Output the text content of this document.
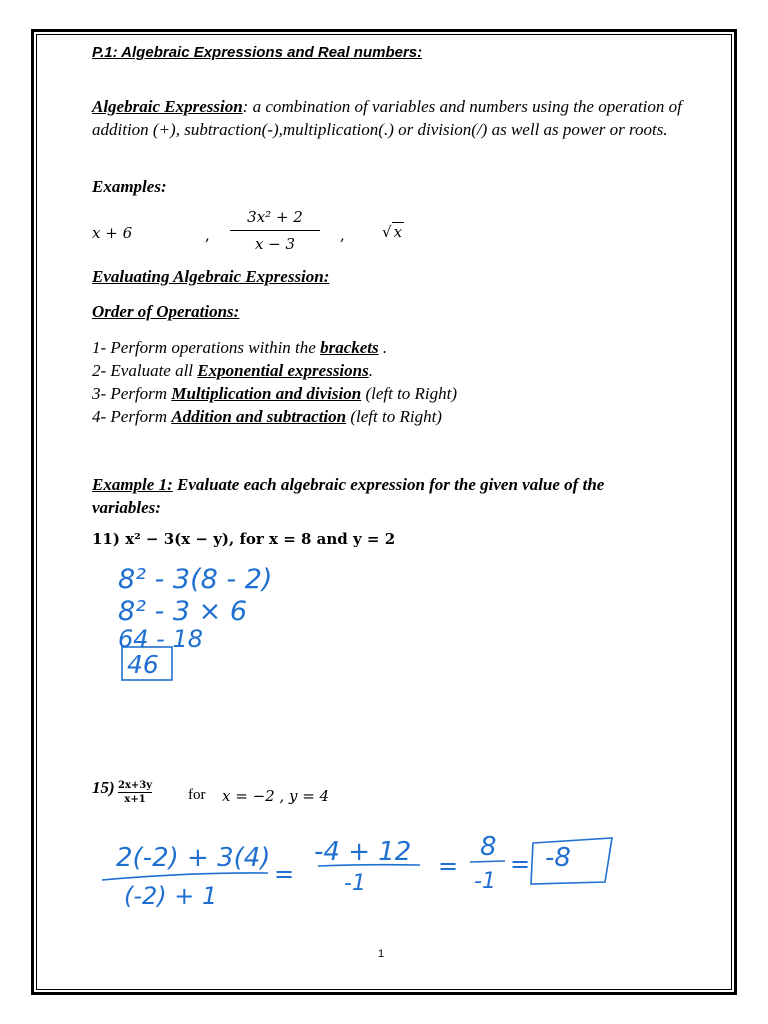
P.1: Algebraic Expressions and Real numbers:
Algebraic Expression: a combination of variables and numbers using the operation of addition (+), subtraction(-),multiplication(.) or division(/) as well as power or roots.
Examples:
x + 6	,
3x² + 2
x − 3	, √ x
Evaluating Algebraic Expression:
Order of Operations:
1- Perform operations within the brackets .
2- Evaluate all Exponential expressions.
3- Perform Multiplication and division (left to Right)
4- Perform Addition and subtraction (left to Right)
Example 1: Evaluate each algebraic expression for the given value of the variables:
11) x² − 3(x − y), for x = 8 and y = 2
8² - 3(8 - 2)
8² - 3 × 6
64 - 18
46
2(-2) + 3(4)
(-2) + 1
=
-4 + 12
-1
=
8
-1
= -8
15) 2x+3y
x+1	for x = −2 , y = 4
1
